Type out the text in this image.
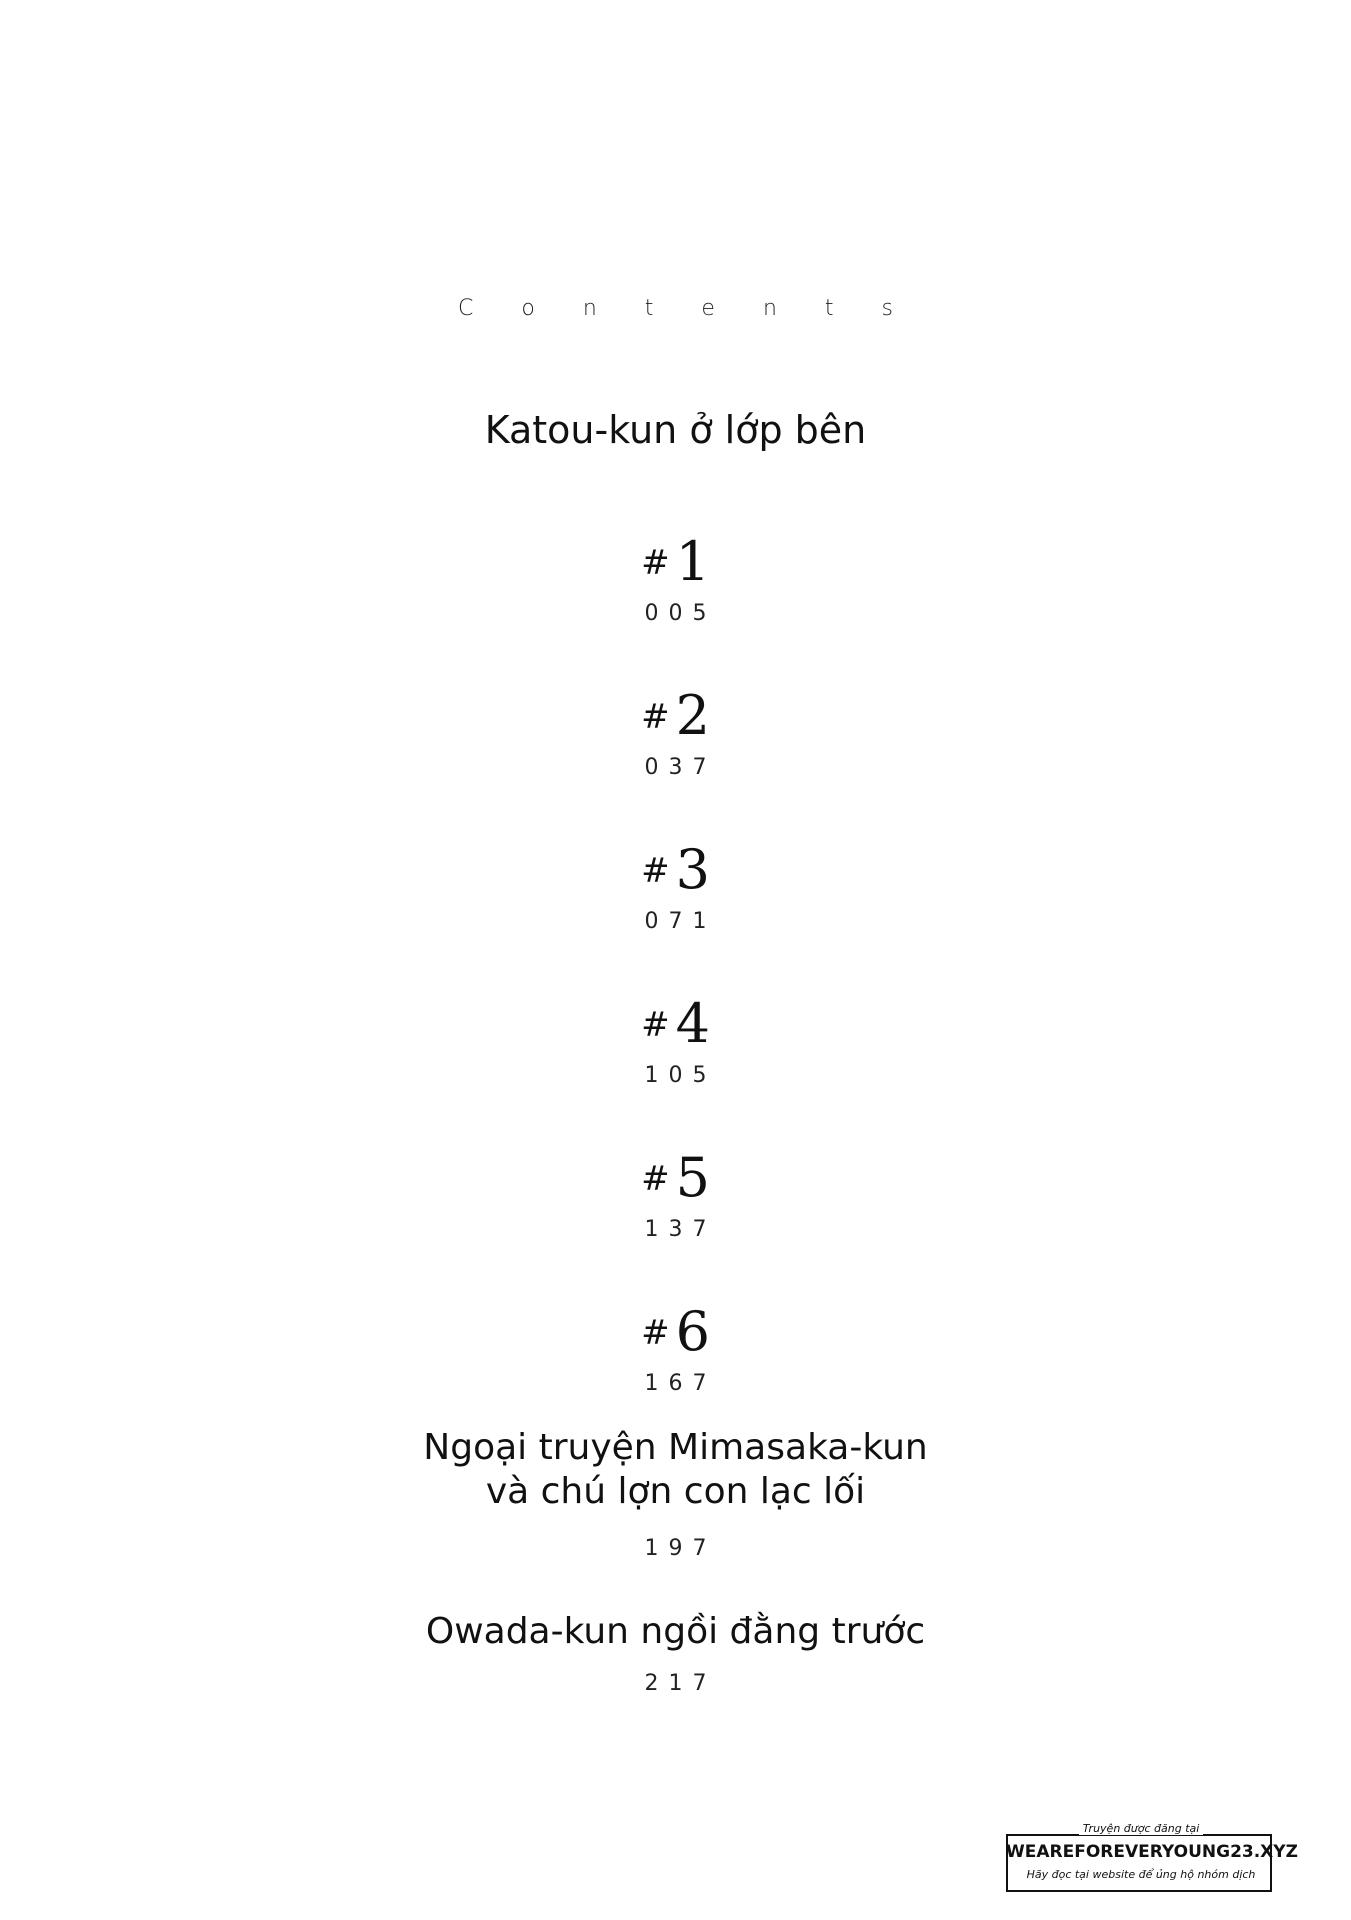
Contents
Katou-kun ở lớp bên
# 1
005
# 2
037
# 3
071
# 4
105
# 5
137
# 6
167
Ngoại truyện Mimasaka-kun
và chú lợn con lạc lối
197
Owada-kun ngồi đằng trước
217
Truyện được đăng tại
WEAREFOREVERYOUNG23.XYZ
Hãy đọc tại website để ủng hộ nhóm dịch
